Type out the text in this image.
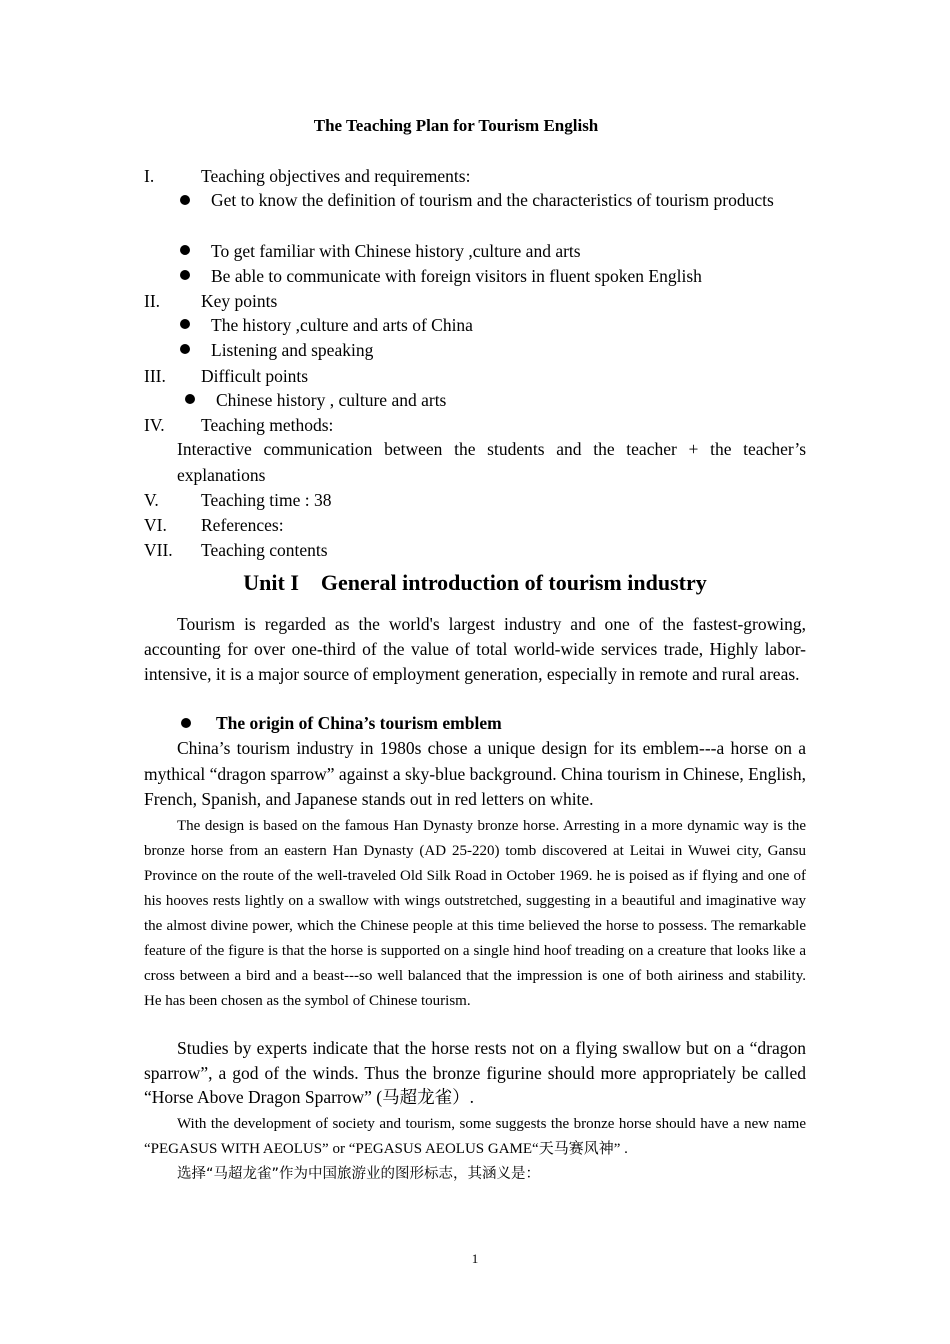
The Teaching Plan for Tourism English
I.	Teaching objectives and requirements:
Get to know the definition of tourism and the characteristics of tourism products
To get familiar with Chinese history ,culture and arts
Be able to communicate with foreign visitors in fluent spoken English
II. Key points
The history ,culture and arts of China
Listening and speaking
III. Difficult points
Chinese history , culture and arts
IV. Teaching methods:
Interactive communication between the students and the teacher + the teacher’s explanations
V. Teaching time : 38
VI. References:
VII. Teaching contents
Unit I    General introduction of tourism industry
Tourism is regarded as the world's largest industry and one of the fastest-growing, accounting for over one-third of the value of total world-wide services trade, Highly labor-intensive, it is a major source of employment generation, especially in remote and rural areas.
The origin of China’s tourism emblem
China’s tourism industry in 1980s chose a unique design for its emblem---a horse on a mythical “dragon sparrow” against a sky-blue background. China tourism in Chinese, English, French, Spanish, and Japanese stands out in red letters on white.
The design is based on the famous Han Dynasty bronze horse. Arresting in a more dynamic way is the bronze horse from an eastern Han Dynasty (AD 25-220) tomb discovered at Leitai in Wuwei city, Gansu Province on the route of the well-traveled Old Silk Road in October 1969. he is poised as if flying and one of his hooves rests lightly on a swallow with wings outstretched, suggesting in a beautiful and imaginative way the almost divine power, which the Chinese people at this time believed the horse to possess. The remarkable feature of the figure is that the horse is supported on a single hind hoof treading on a creature that looks like a cross between a bird and a beast---so well balanced that the impression is one of both airiness and stability. He has been chosen as the symbol of Chinese tourism.
Studies by experts indicate that the horse rests not on a flying swallow but on a “dragon sparrow”, a god of the winds. Thus the bronze figurine should more appropriately be called “Horse Above Dragon Sparrow” (马超龙雀）.
With the development of society and tourism, some suggests the bronze horse should have a new name “PEGASUS WITH AEOLUS” or “PEGASUS AEOLUS GAME“天马赛风神” .
选择“马超龙雀”作为中国旅游业的图形标志，其涵义是：
1
